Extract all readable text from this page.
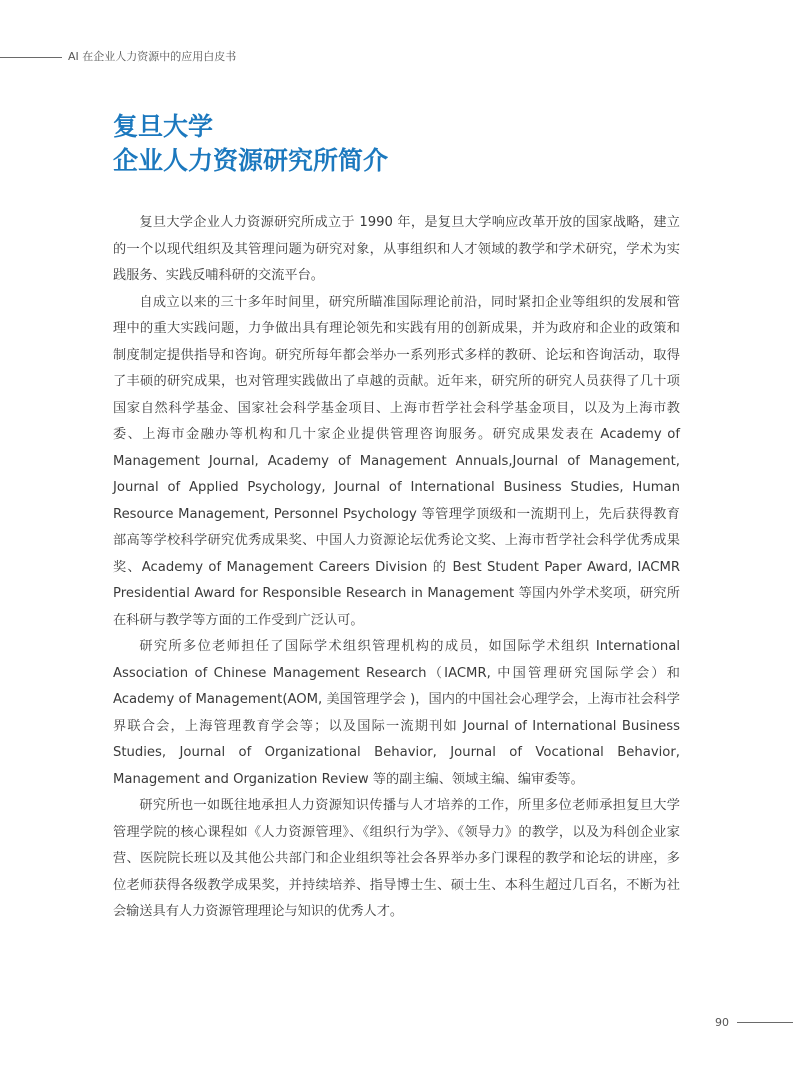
AI 在企业人力资源中的应用白皮书
复旦大学
企业人力资源研究所简介

复旦大学企业人力资源研究所成立于 1990 年，是复旦大学响应改革开放的国家战略，建立的一个以现代组织及其管理问题为研究对象，从事组织和人才领域的教学和学术研究，学术为实践服务、实践反哺科研的交流平台。

自成立以来的三十多年时间里，研究所瞄准国际理论前沿，同时紧扣企业等组织的发展和管理中的重大实践问题，力争做出具有理论领先和实践有用的创新成果，并为政府和企业的政策和制度制定提供指导和咨询。研究所每年都会举办一系列形式多样的教研、论坛和咨询活动，取得了丰硕的研究成果，也对管理实践做出了卓越的贡献。近年来，研究所的研究人员获得了几十项国家自然科学基金、国家社会科学基金项目、上海市哲学社会科学基金项目，以及为上海市教委、上海市金融办等机构和几十家企业提供管理咨询服务。研究成果发表在 Academy of Management Journal, Academy of Management Annuals,Journal of Management, Journal of Applied Psychology, Journal of International Business Studies, Human Resource Management, Personnel Psychology 等管理学顶级和一流期刊上，先后获得教育部高等学校科学研究优秀成果奖、中国人力资源论坛优秀论文奖、上海市哲学社会科学优秀成果奖、Academy of Management Careers Division 的 Best Student Paper Award, IACMR Presidential Award for Responsible Research in Management 等国内外学术奖项，研究所在科研与教学等方面的工作受到广泛认可。

研究所多位老师担任了国际学术组织管理机构的成员，如国际学术组织 International Association of Chinese Management Research（IACMR, 中国管理研究国际学会）和 Academy of Management(AOM, 美国管理学会 )，国内的中国社会心理学会，上海市社会科学界联合会，上海管理教育学会等；以及国际一流期刊如 Journal of International Business Studies, Journal of Organizational Behavior, Journal of Vocational Behavior, Management and Organization Review 等的副主编、领域主编、编审委等。

研究所也一如既往地承担人力资源知识传播与人才培养的工作，所里多位老师承担复旦大学管理学院的核心课程如《人力资源管理》、《组织行为学》、《领导力》的教学，以及为科创企业家营、医院院长班以及其他公共部门和企业组织等社会各界举办多门课程的教学和论坛的讲座，多位老师获得各级教学成果奖，并持续培养、指导博士生、硕士生、本科生超过几百名，不断为社会输送具有人力资源管理理论与知识的优秀人才。

90
